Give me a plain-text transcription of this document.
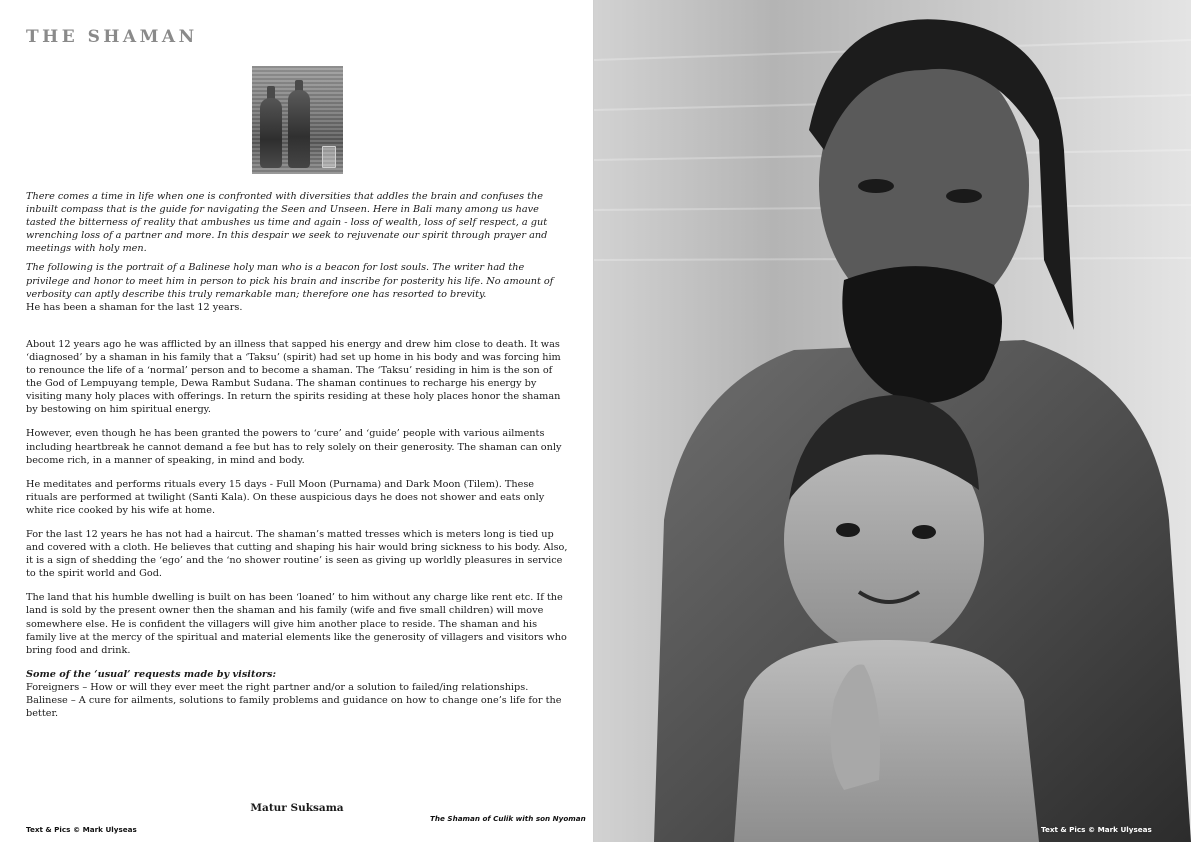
THE SHAMAN

There comes a time in life when one is confronted with diversities that addles the brain and confuses the inbuilt compass that is the guide for navigating the Seen and Unseen. Here in Bali many among us have tasted the bitterness of reality that ambushes us time and again - loss of wealth, loss of self respect, a gut wrenching loss of a partner and more. In this despair we seek to rejuvenate our spirit through prayer and meetings with holy men.

The following is the portrait of a Balinese holy man who is a beacon for lost souls. The writer had the privilege and honor to meet him in person to pick his brain and inscribe for posterity his life. No amount of verbosity can aptly describe this truly remarkable man; therefore one has resorted to brevity.

He has been a shaman for the last 12 years.

About 12 years ago he was afflicted by an illness that sapped his energy and drew him close to death. It was ‘diagnosed’ by a shaman in his family that a ‘Taksu’ (spirit) had set up home in his body and was forcing him to renounce the life of a ‘normal’ person and to become a shaman. The ‘Taksu’ residing in him is the son of the God of Lempuyang temple, Dewa Rambut Sudana. The shaman continues to recharge his energy by visiting many holy places with offerings. In return the spirits residing at these holy places honor the shaman by bestowing on him spiritual energy.

However, even though he has been granted the powers to ‘cure’ and ‘guide’ people with various ailments including heartbreak he cannot demand a fee but has to rely solely on their generosity. The shaman can only become rich, in a manner of speaking, in mind and body.

He meditates and performs rituals every 15 days - Full Moon (Purnama) and Dark Moon (Tilem). These rituals are performed at twilight (Santi Kala). On these auspicious days he does not shower and eats only white rice cooked by his wife at home.

For the last 12 years he has not had a haircut. The shaman’s matted tresses which is meters long is tied up and covered with a cloth. He believes that cutting and shaping his hair would bring sickness to his body. Also, it is a sign of shedding the ‘ego’ and the ‘no shower routine’ is seen as giving up worldly pleasures in service to the spirit world and God.

The land that his humble dwelling is built on has been ‘loaned’ to him without any charge like rent etc. If the land is sold by the present owner then the shaman and his family (wife and five small children) will move somewhere else. He is confident the villagers will give him another place to reside. The shaman and his family live at the mercy of the spiritual and material elements like the generosity of villagers and visitors who bring food and drink.

Some of the ‘usual’ requests made by visitors:

Foreigners – How or will they ever meet the right partner and/or a solution to failed/ing relationships.

Balinese – A cure for ailments, solutions to family problems and guidance on how to change one’s life for the better.

Matur Suksama
The Shaman of Culik with son Nyoman
Text & Pics © Mark Ulyseas	Text & Pics © Mark Ulyseas
